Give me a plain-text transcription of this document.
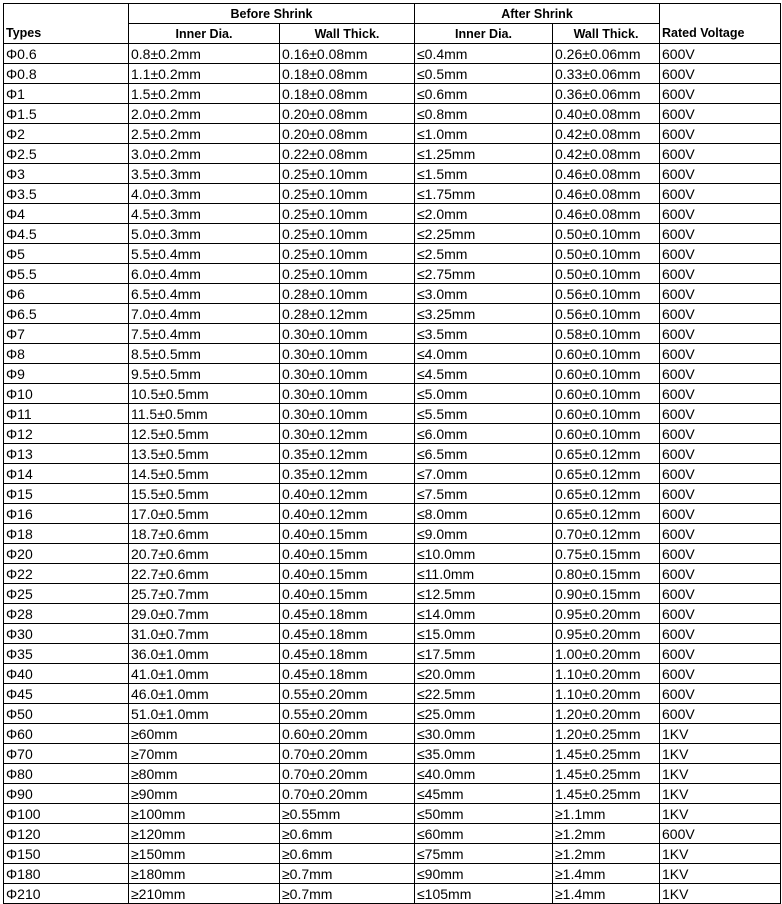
	Before Shrink		After Shrink		
Types	Inner Dia.	Wall Thick.	Inner Dia.	Wall Thick.	Rated Voltage
Φ0.6	0.8±0.2mm	0.16±0.08mm	≤0.4mm	0.26±0.06mm	600V
Φ0.8	1.1±0.2mm	0.18±0.08mm	≤0.5mm	0.33±0.06mm	600V
Φ1	1.5±0.2mm	0.18±0.08mm	≤0.6mm	0.36±0.06mm	600V
Φ1.5	2.0±0.2mm	0.20±0.08mm	≤0.8mm	0.40±0.08mm	600V
Φ2	2.5±0.2mm	0.20±0.08mm	≤1.0mm	0.42±0.08mm	600V
Φ2.5	3.0±0.2mm	0.22±0.08mm	≤1.25mm	0.42±0.08mm	600V
Φ3	3.5±0.3mm	0.25±0.10mm	≤1.5mm	0.46±0.08mm	600V
Φ3.5	4.0±0.3mm	0.25±0.10mm	≤1.75mm	0.46±0.08mm	600V
Φ4	4.5±0.3mm	0.25±0.10mm	≤2.0mm	0.46±0.08mm	600V
Φ4.5	5.0±0.3mm	0.25±0.10mm	≤2.25mm	0.50±0.10mm	600V
Φ5	5.5±0.4mm	0.25±0.10mm	≤2.5mm	0.50±0.10mm	600V
Φ5.5	6.0±0.4mm	0.25±0.10mm	≤2.75mm	0.50±0.10mm	600V
Φ6	6.5±0.4mm	0.28±0.10mm	≤3.0mm	0.56±0.10mm	600V
Φ6.5	7.0±0.4mm	0.28±0.12mm	≤3.25mm	0.56±0.10mm	600V
Φ7	7.5±0.4mm	0.30±0.10mm	≤3.5mm	0.58±0.10mm	600V
Φ8	8.5±0.5mm	0.30±0.10mm	≤4.0mm	0.60±0.10mm	600V
Φ9	9.5±0.5mm	0.30±0.10mm	≤4.5mm	0.60±0.10mm	600V
Φ10	10.5±0.5mm	0.30±0.10mm	≤5.0mm	0.60±0.10mm	600V
Φ11	11.5±0.5mm	0.30±0.10mm	≤5.5mm	0.60±0.10mm	600V
Φ12	12.5±0.5mm	0.30±0.12mm	≤6.0mm	0.60±0.10mm	600V
Φ13	13.5±0.5mm	0.35±0.12mm	≤6.5mm	0.65±0.12mm	600V
Φ14	14.5±0.5mm	0.35±0.12mm	≤7.0mm	0.65±0.12mm	600V
Φ15	15.5±0.5mm	0.40±0.12mm	≤7.5mm	0.65±0.12mm	600V
Φ16	17.0±0.5mm	0.40±0.12mm	≤8.0mm	0.65±0.12mm	600V
Φ18	18.7±0.6mm	0.40±0.15mm	≤9.0mm	0.70±0.12mm	600V
Φ20	20.7±0.6mm	0.40±0.15mm	≤10.0mm	0.75±0.15mm	600V
Φ22	22.7±0.6mm	0.40±0.15mm	≤11.0mm	0.80±0.15mm	600V
Φ25	25.7±0.7mm	0.40±0.15mm	≤12.5mm	0.90±0.15mm	600V
Φ28	29.0±0.7mm	0.45±0.18mm	≤14.0mm	0.95±0.20mm	600V
Φ30	31.0±0.7mm	0.45±0.18mm	≤15.0mm	0.95±0.20mm	600V
Φ35	36.0±1.0mm	0.45±0.18mm	≤17.5mm	1.00±0.20mm	600V
Φ40	41.0±1.0mm	0.45±0.18mm	≤20.0mm	1.10±0.20mm	600V
Φ45	46.0±1.0mm	0.55±0.20mm	≤22.5mm	1.10±0.20mm	600V
Φ50	51.0±1.0mm	0.55±0.20mm	≤25.0mm	1.20±0.20mm	600V
Φ60	≥60mm	0.60±0.20mm	≤30.0mm	1.20±0.25mm	1KV
Φ70	≥70mm	0.70±0.20mm	≤35.0mm	1.45±0.25mm	1KV
Φ80	≥80mm	0.70±0.20mm	≤40.0mm	1.45±0.25mm	1KV
Φ90	≥90mm	0.70±0.20mm	≤45mm	1.45±0.25mm	1KV
Φ100	≥100mm	≥0.55mm	≤50mm	≥1.1mm	1KV
Φ120	≥120mm	≥0.6mm	≤60mm	≥1.2mm	600V
Φ150	≥150mm	≥0.6mm	≤75mm	≥1.2mm	1KV
Φ180	≥180mm	≥0.7mm	≤90mm	≥1.4mm	1KV
Φ210	≥210mm	≥0.7mm	≤105mm	≥1.4mm	1KV
